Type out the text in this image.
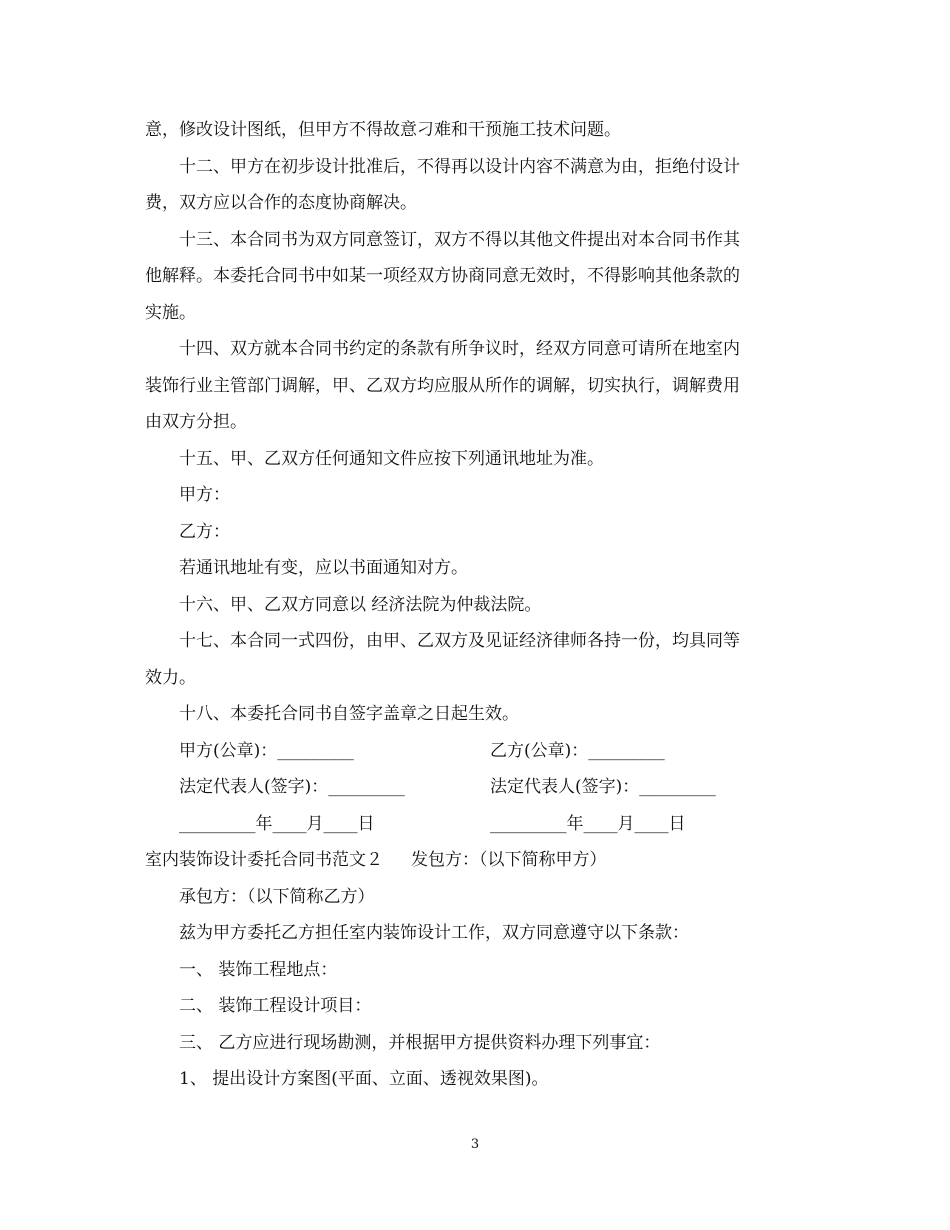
意，修改设计图纸，但甲方不得故意刁难和干预施工技术问题。
十二、甲方在初步设计批准后，不得再以设计内容不满意为由，拒绝付设计
费，双方应以合作的态度协商解决。
十三、本合同书为双方同意签订，双方不得以其他文件提出对本合同书作其
他解释。本委托合同书中如某一项经双方协商同意无效时，不得影响其他条款的
实施。
十四、双方就本合同书约定的条款有所争议时，经双方同意可请所在地室内
装饰行业主管部门调解，甲、乙双方均应服从所作的调解，切实执行，调解费用
由双方分担。
十五、甲、乙双方任何通知文件应按下列通讯地址为准。
甲方：
乙方：
若通讯地址有变，应以书面通知对方。
十六、甲、乙双方同意以 经济法院为仲裁法院。
十七、本合同一式四份，由甲、乙双方及见证经济律师各持一份，均具同等
效力。
十八、本委托合同书自签字盖章之日起生效。
甲方(公章)：_________	乙方(公章)：_________
法定代表人(签字)：_________	法定代表人(签字)：_________
_________年____月____日	_________年____月____日
室内装饰设计委托合同书范文２ 发包方：（以下简称甲方）
承包方：（以下简称乙方）
兹为甲方委托乙方担任室内装饰设计工作，双方同意遵守以下条款：
一、 装饰工程地点：
二、 装饰工程设计项目：
三、 乙方应进行现场勘测，并根据甲方提供资料办理下列事宜：
1、 提出设计方案图(平面、立面、透视效果图)。
3
